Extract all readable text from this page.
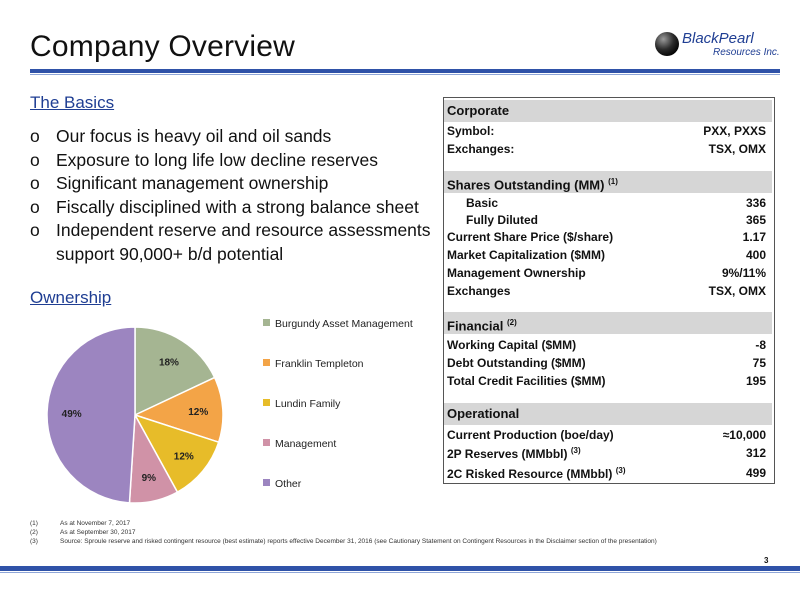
Company Overview	BlackPearl
Resources Inc.
The Basics
o Our focus is heavy oil and oil sands
o Exposure to long life low decline reserves
o Significant management ownership
o Fiscally disciplined with a strong balance sheet
o Independent reserve and resource assessments support 90,000+ b/d potential
Ownership
18%
12%
12%
9%
49%
Burgundy Asset Management
Franklin Templeton
Lundin Family
Management
Other
Corporate
Symbol:	PXX, PXXS
Exchanges:	TSX, OMX
Shares Outstanding (MM) $^{(1)}$
Basic	336
Fully Diluted	365
Current Share Price ($/share)	1.17
Market Capitalization ($MM)	400
Management Ownership	9%/11%
Exchanges	TSX, OMX
Financial $^{(2)}$
Working Capital ($MM)	-8
Debt Outstanding ($MM)	75
Total Credit Facilities ($MM)	195
Operational
Current Production (boe/day)	≈10,000
2P Reserves (MMbbl) $^{(3)}$	312
2C Risked Resource (MMbbl) $^{(3)}$	499
(1)	As at November 7, 2017
(2)	As at September 30, 2017
(3)	Source: Sproule reserve and risked contingent resource (best estimate) reports effective December 31, 2016 (see Cautionary Statement on Contingent Resources in the Disclaimer section of the presentation)
3
